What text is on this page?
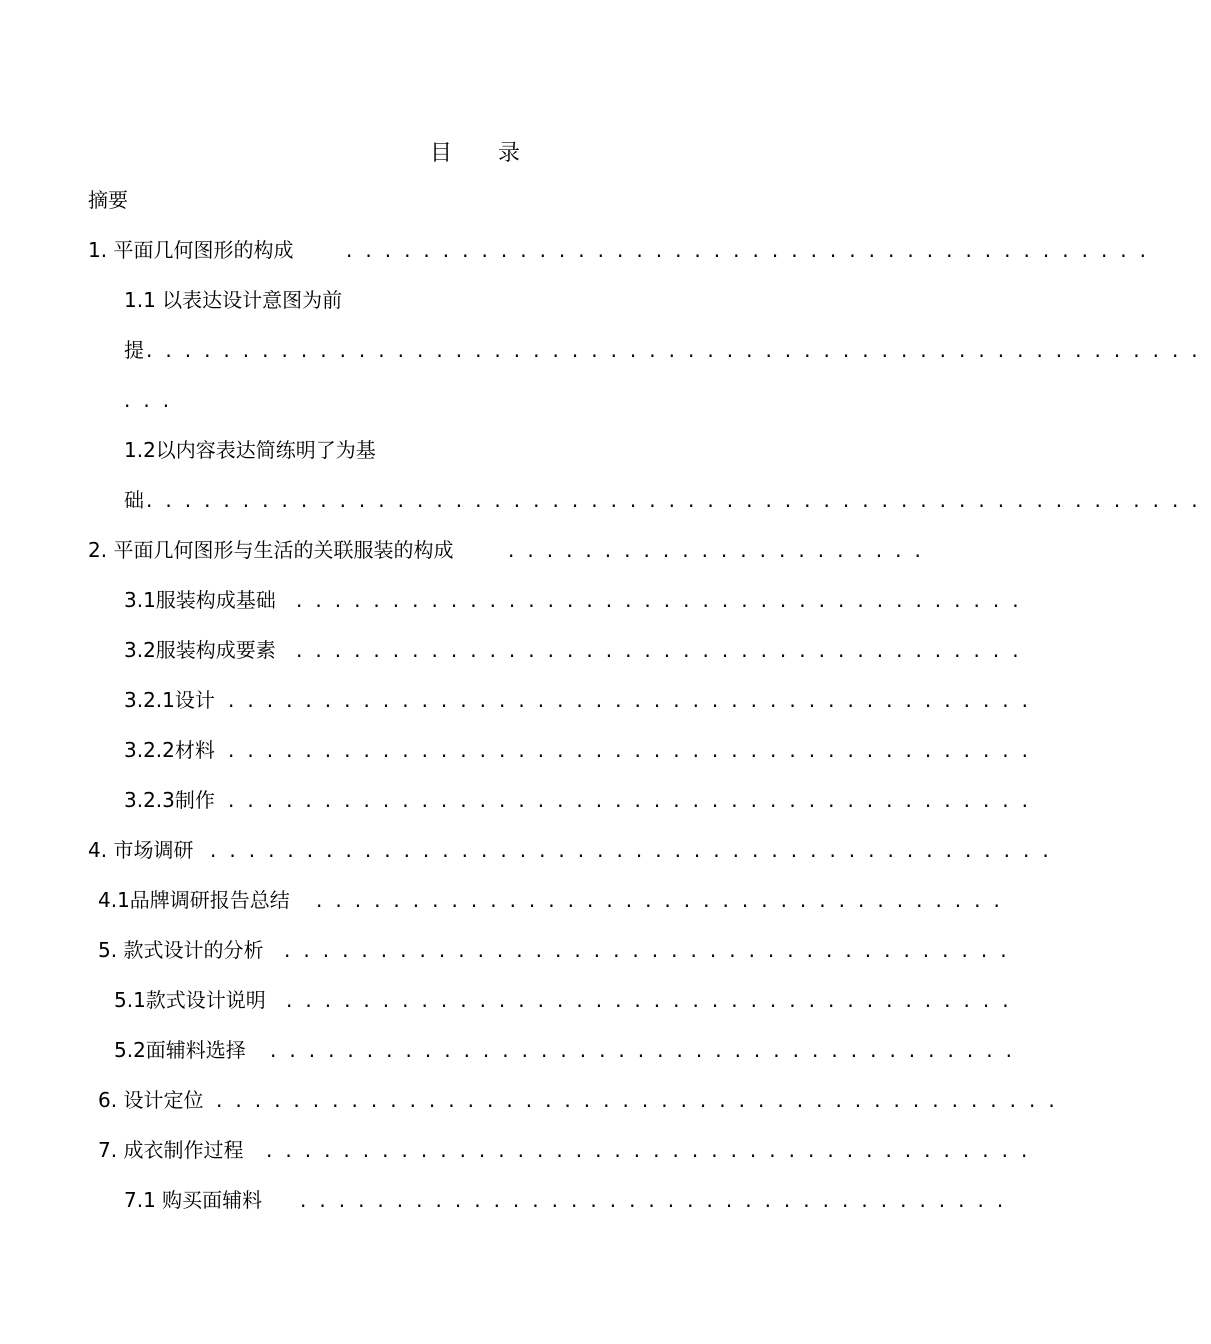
目 录
摘要
1. 平面几何图形的构成	..........................................
1.1 以表达设计意图为前
提 .......................................................
...
1.2以内容表达简练明了为基
础 .......................................................
2. 平面几何图形与生活的关联服装的构成	......................
3.1服装构成基础 ......................................
3.2服装构成要素 ......................................
3.2.1设计 ..........................................
3.2.2材料 ..........................................
3.2.3制作 ..........................................
4. 市场调研 ............................................
4.1品牌调研报告总结 ....................................
5. 款式设计的分析 ......................................
5.1款式设计说明 ......................................
5.2面辅料选择 .......................................
6. 设计定位 ............................................
7. 成衣制作过程 ........................................
7.1 购买面辅料 .....................................
